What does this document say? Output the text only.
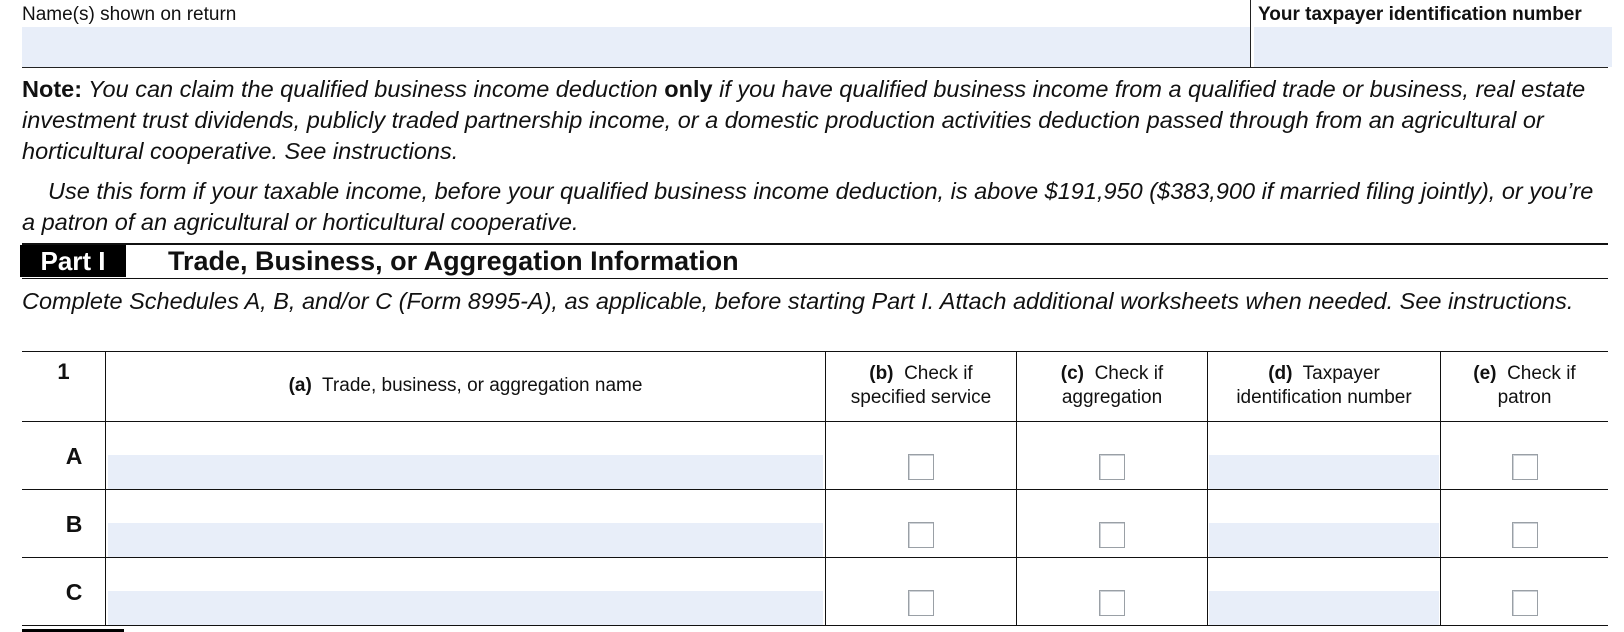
Name(s) shown on return	Your taxpayer identification number
Note: You can claim the qualified business income deduction only if you have qualified business income from a qualified trade or business, real estate investment trust dividends, publicly traded partnership income, or a domestic production activities deduction passed through from an agricultural or horticultural cooperative. See instructions.
Use this form if your taxable income, before your qualified business income deduction, is above $191,950 ($383,900 if married filing jointly), or you’re a patron of an agricultural or horticultural cooperative.
Part I	Trade, Business, or Aggregation Information
Complete Schedules A, B, and/or C (Form 8995-A), as applicable, before starting Part I. Attach additional worksheets when needed. See instructions.
1
(a) Trade, business, or aggregation name
(b) Check if
specified service
(c) Check if
aggregation
(d) Taxpayer
identification number
(e) Check if
patron
A
B
C
